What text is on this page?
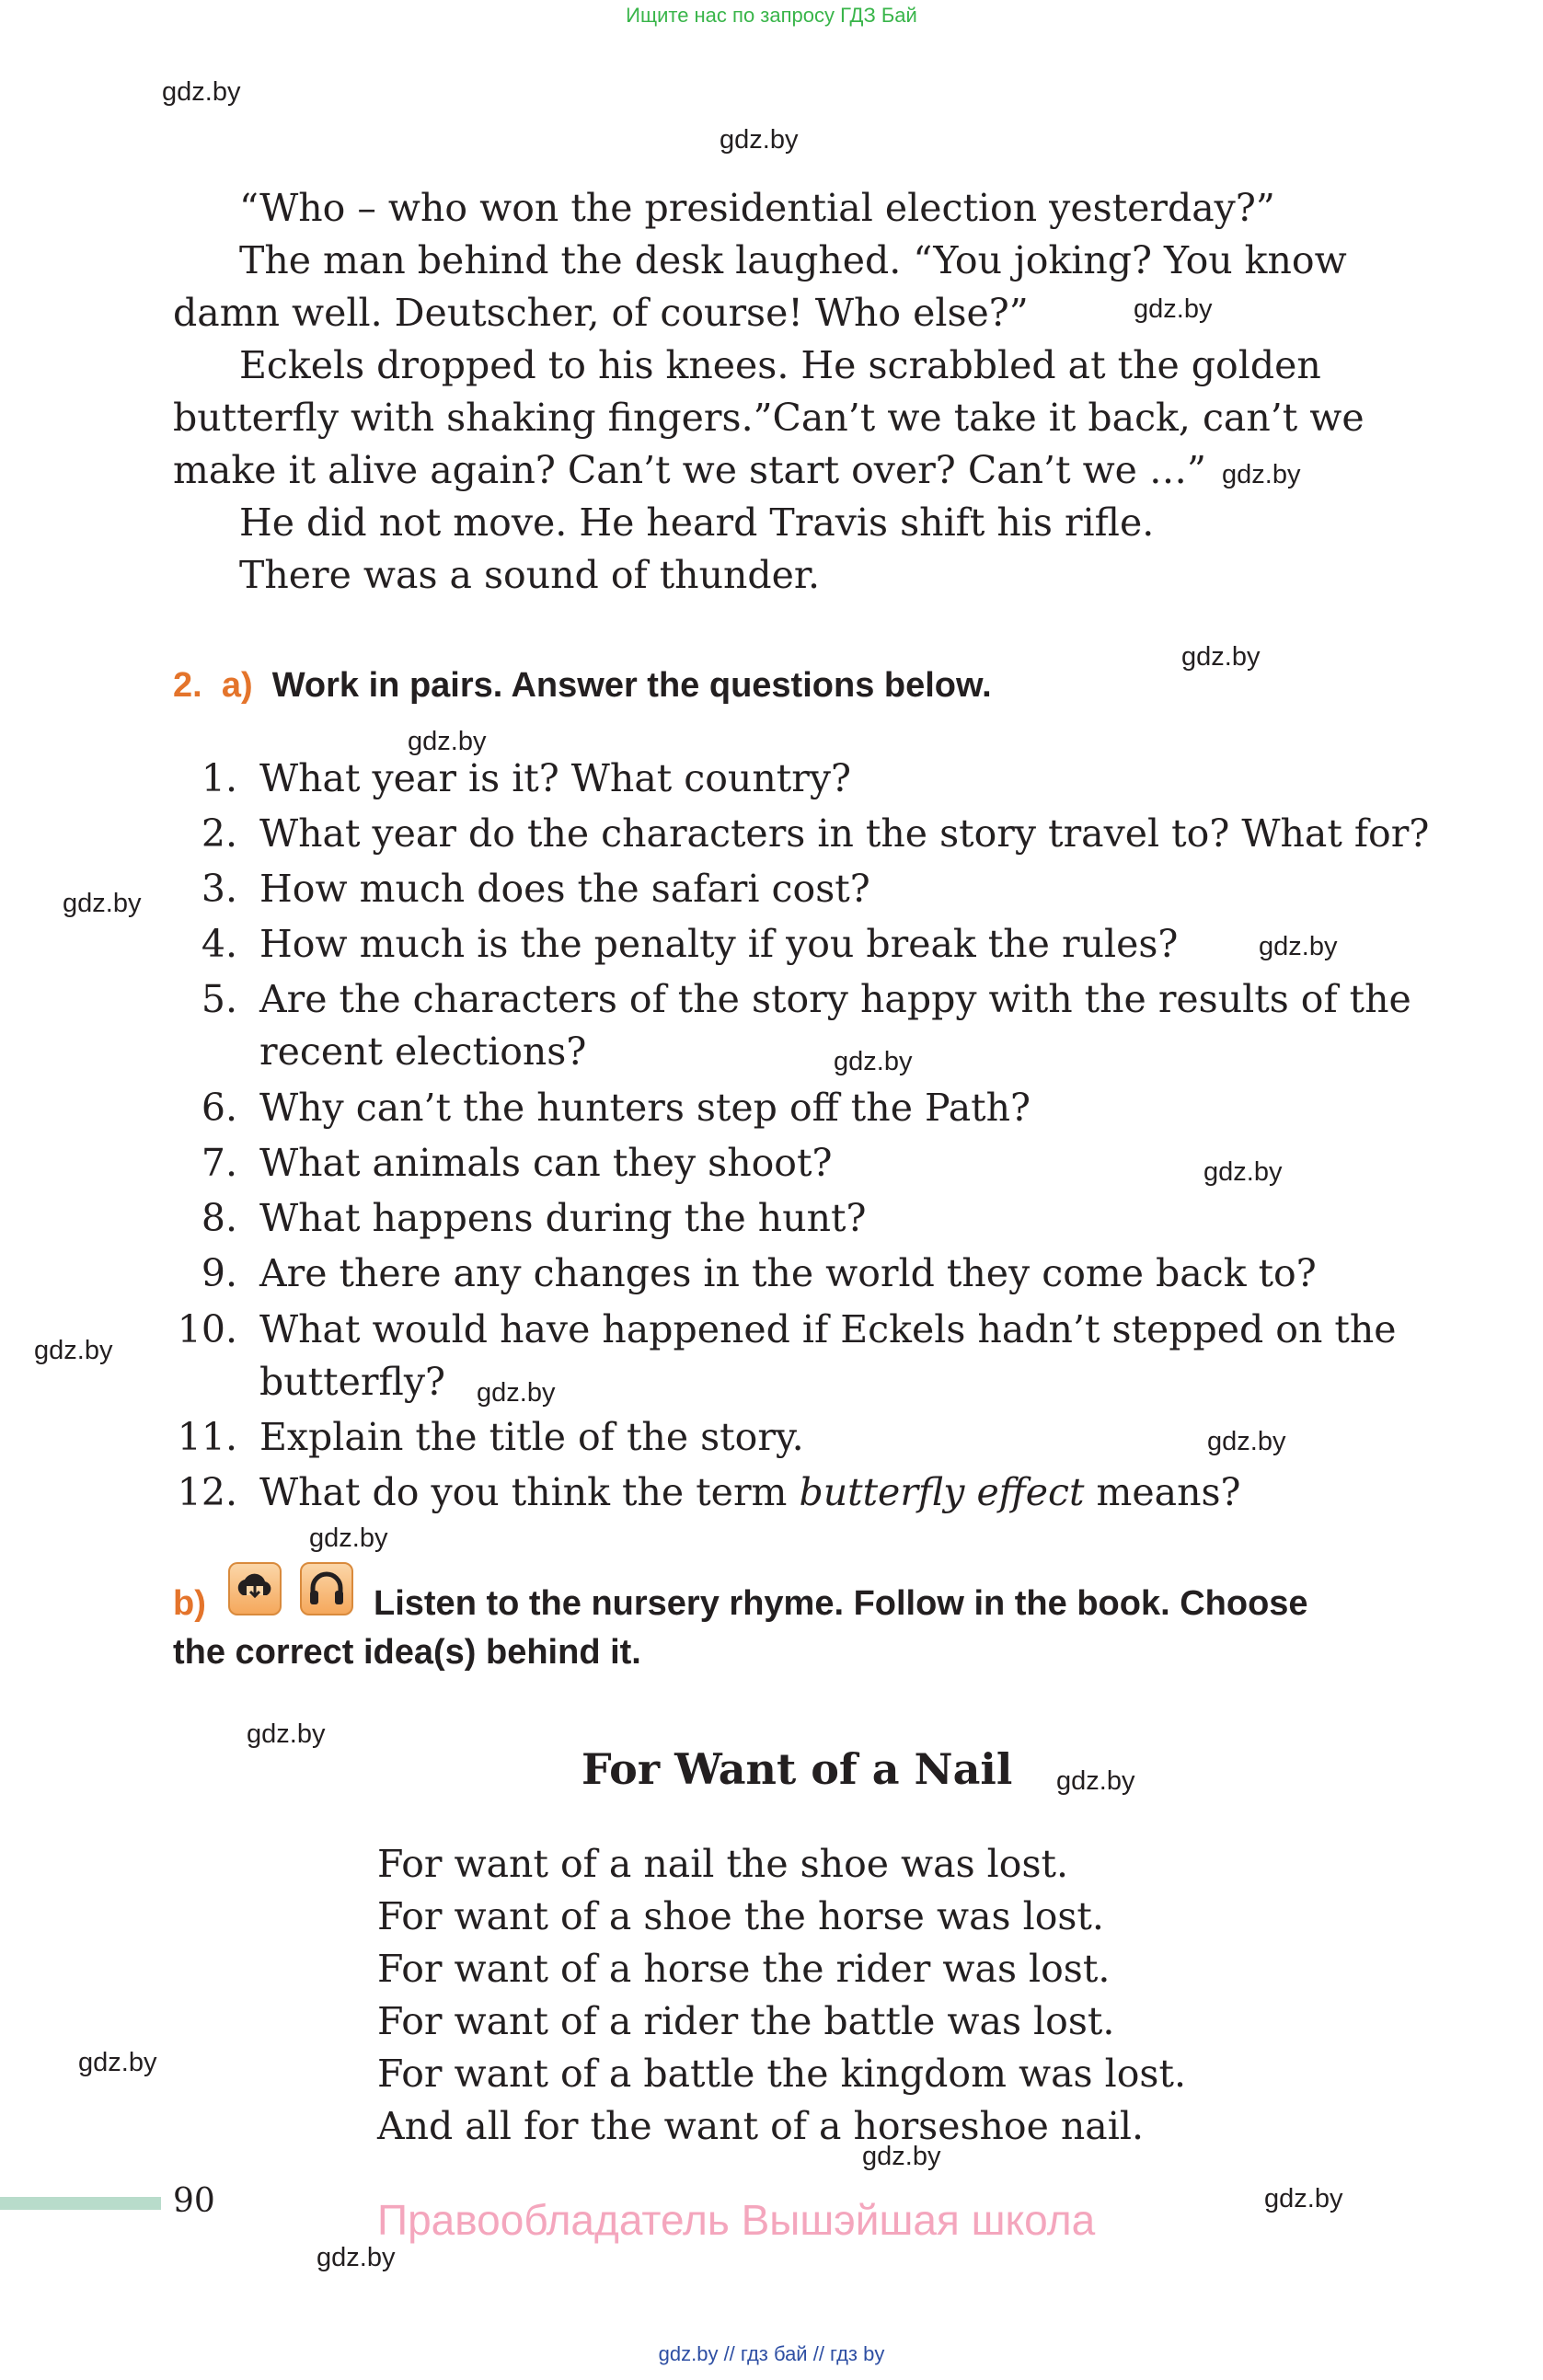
Ищите нас по запросу ГДЗ Бай
gdz.by
gdz.by
gdz.by
gdz.by
gdz.by
gdz.by
gdz.by
gdz.by
gdz.by
gdz.by
gdz.by
gdz.by
gdz.by
gdz.by
gdz.by
gdz.by
gdz.by
gdz.by
gdz.by
gdz.by
“Who – who won the presidential election yesterday?”
The man behind the desk laughed. “You joking? You know
damn well. Deutscher, of course! Who else?”
Eckels dropped to his knees. He scrabbled at the golden
butterfly with shaking fingers.”Can’t we take it back, can’t we
make it alive again? Can’t we start over? Can’t we …”
He did not move. He heard Travis shift his rifle.
There was a sound of thunder.
2. a) Work in pairs. Answer the questions below.
1. What year is it? What country?
2. What year do the characters in the story travel to? What for?
3. How much does the safari cost?
4. How much is the penalty if you break the rules?
5. Are the characters of the story happy with the results of the
recent elections?
6. Why can’t the hunters step off the Path?
7. What animals can they shoot?
8. What happens during the hunt?
9. Are there any changes in the world they come back to?
10. What would have happened if Eckels hadn’t stepped on the
butterfly?
11. Explain the title of the story.
12. What do you think the term butterfly effect means?
b)	Listen to the nursery rhyme. Follow in the book. Choose
the correct idea(s) behind it.
For Want of a Nail
For want of a nail the shoe was lost.
For want of a shoe the horse was lost.
For want of a horse the rider was lost.
For want of a rider the battle was lost.
For want of a battle the kingdom was lost.
And all for the want of a horseshoe nail.
90	Правообладатель Вышэйшая школа
gdz.by // гдз бай // гдз by
